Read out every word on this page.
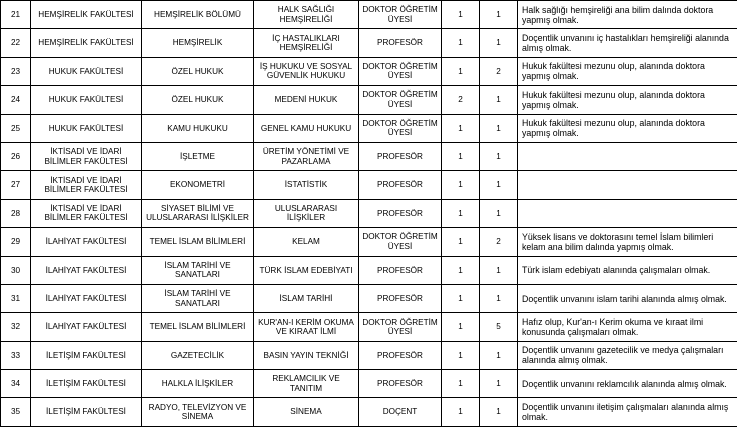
21	HEMŞİRELİK FAKÜLTESİ	HEMŞİRELİK BÖLÜMÜ	HALK SAĞLIĞI HEMŞİRELİĞİ	DOKTOR ÖĞRETİM ÜYESİ	1	1	Halk sağlığı hemşireliği ana bilim dalında doktora yapmış olmak.
22	HEMŞİRELİK FAKÜLTESİ	HEMŞİRELİK	İÇ HASTALIKLARI HEMŞİRELİĞİ	PROFESÖR	1	1	Doçentlik unvanını iç hastalıkları hemşireliği alanında almış olmak.
23	HUKUK FAKÜLTESİ	ÖZEL HUKUK	İŞ HUKUKU VE SOSYAL GÜVENLİK HUKUKU	DOKTOR ÖĞRETİM ÜYESİ	1	2	Hukuk fakültesi mezunu olup, alanında doktora yapmış olmak.
24	HUKUK FAKÜLTESİ	ÖZEL HUKUK	MEDENİ HUKUK	DOKTOR ÖĞRETİM ÜYESİ	2	1	Hukuk fakültesi mezunu olup, alanında doktora yapmış olmak.
25	HUKUK FAKÜLTESİ	KAMU HUKUKU	GENEL KAMU HUKUKU	DOKTOR ÖĞRETİM ÜYESİ	1	1	Hukuk fakültesi mezunu olup, alanında doktora yapmış olmak.
26	İKTİSADİ VE İDARİ BİLİMLER FAKÜLTESİ	İŞLETME	ÜRETİM YÖNETİMİ VE PAZARLAMA	PROFESÖR	1	1	
27	İKTİSADİ VE İDARİ BİLİMLER FAKÜLTESİ	EKONOMETRİ	İSTATİSTİK	PROFESÖR	1	1	
28	İKTİSADİ VE İDARİ BİLİMLER FAKÜLTESİ	SİYASET BİLİMİ VE ULUSLARARASI İLİŞKİLER	ULUSLARARASI İLİŞKİLER	PROFESÖR	1	1	
29	İLAHİYAT FAKÜLTESİ	TEMEL İSLAM BİLİMLERİ	KELAM	DOKTOR ÖĞRETİM ÜYESİ	1	2	Yüksek lisans ve doktorasını temel İslam bilimleri kelam ana bilim dalında yapmış olmak.
30	İLAHİYAT FAKÜLTESİ	İSLAM TARİHİ VE SANATLARI	TÜRK İSLAM EDEBİYATI	PROFESÖR	1	1	Türk islam edebiyatı alanında çalışmaları olmak.
31	İLAHİYAT FAKÜLTESİ	İSLAM TARİHİ VE SANATLARI	İSLAM TARİHİ	PROFESÖR	1	1	Doçentlik unvanını islam tarihi alanında almış olmak.
32	İLAHİYAT FAKÜLTESİ	TEMEL İSLAM BİLİMLERİ	KUR'AN-I KERİM OKUMA VE KIRAAT İLMİ	DOKTOR ÖĞRETİM ÜYESİ	1	5	Hafız olup, Kur'an-ı Kerim okuma ve kıraat ilmi konusunda çalışmaları olmak.
33	İLETİŞİM FAKÜLTESİ	GAZETECİLİK	BASIN YAYIN TEKNİĞİ	PROFESÖR	1	1	Doçentlik unvanını gazetecilik ve medya çalışmaları alanında almış olmak.
34	İLETİŞİM FAKÜLTESİ	HALKLA İLİŞKİLER	REKLAMCILIK VE TANITIM	PROFESÖR	1	1	Doçentlik unvanını reklamcılık alanında almış olmak.
35	İLETİŞİM FAKÜLTESİ	RADYO, TELEVİZYON VE SİNEMA	SİNEMA	DOÇENT	1	1	Doçentlik unvanını iletişim çalışmaları alanında almış olmak.
